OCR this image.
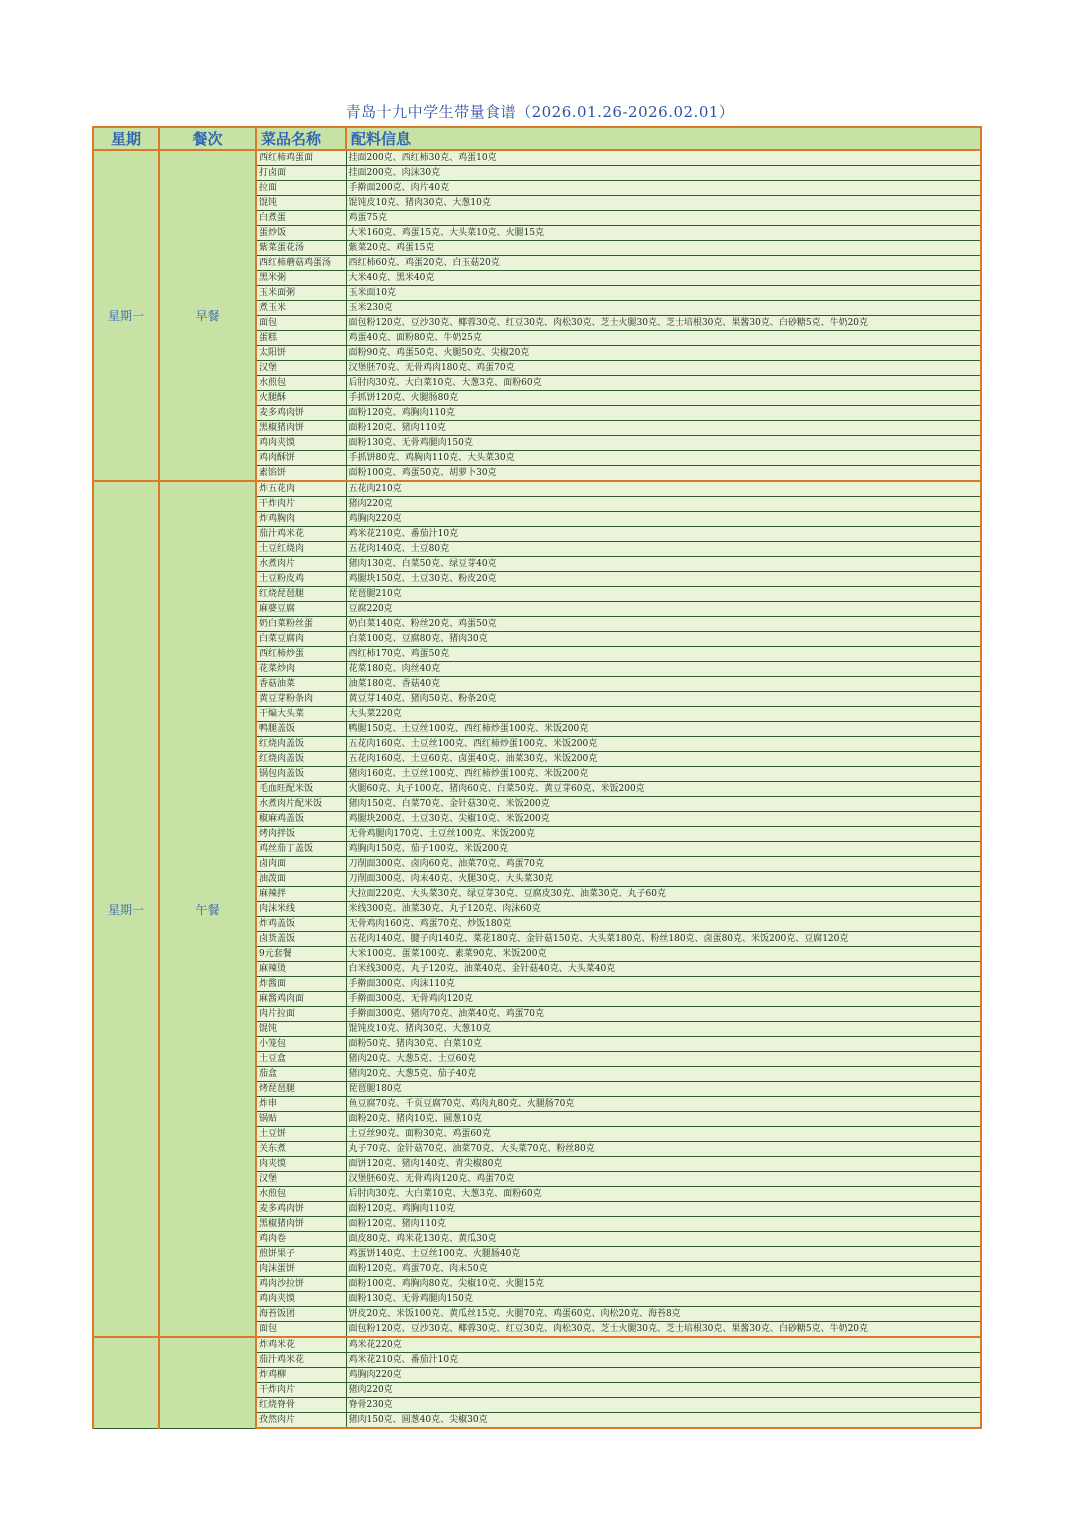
青岛十九中学生带量食谱（2026.01.26-2026.02.01）
星期	餐次	菜品名称	配料信息
星期一	早餐	西红柿鸡蛋面	挂面200克、西红柿30克、鸡蛋10克
		打卤面	挂面200克、肉沫30克
		拉面	手擀面200克、肉片40克
		馄饨	馄饨皮10克、猪肉30克、大葱10克
		白煮蛋	鸡蛋75克
		蛋炒饭	大米160克、鸡蛋15克、大头菜10克、火腿15克
		紫菜蛋花汤	紫菜20克、鸡蛋15克
		西红柿蘑菇鸡蛋汤	西红柿60克、鸡蛋20克、白玉菇20克
		黑米粥	大米40克、黑米40克
		玉米面粥	玉米面10克
		煮玉米	玉米230克
		面包	面包粉120克、豆沙30克、椰蓉30克、红豆30克、肉松30克、芝士火腿30克、芝士培根30克、果酱30克、白砂糖5克、牛奶20克
		蛋糕	鸡蛋40克、面粉80克、牛奶25克
		太阳饼	面粉90克、鸡蛋50克、火腿50克、尖椒20克
		汉堡	汉堡胚70克、无骨鸡肉180克、鸡蛋70克
		水煎包	后肘肉30克、大白菜10克、大葱3克、面粉60克
		火腿酥	手抓饼120克、火腿肠80克
		麦多鸡肉饼	面粉120克、鸡胸肉110克
		黑椒猪肉饼	面粉120克、猪肉110克
		鸡肉夹馍	面粉130克、无骨鸡腿肉150克
		鸡肉酥饼	手抓饼80克、鸡胸肉110克、大头菜30克
		素馅饼	面粉100克、鸡蛋50克、胡萝卜30克
星期一	午餐	炸五花肉	五花肉210克
		干炸肉片	猪肉220克
		炸鸡胸肉	鸡胸肉220克
		茄汁鸡米花	鸡米花210克、番茄汁10克
		土豆红烧肉	五花肉140克、土豆80克
		水煮肉片	猪肉130克、白菜50克、绿豆芽40克
		土豆粉皮鸡	鸡腿块150克、土豆30克、粉皮20克
		红烧琵琶腿	琵琶腿210克
		麻婆豆腐	豆腐220克
		奶白菜粉丝蛋	奶白菜140克、粉丝20克、鸡蛋50克
		白菜豆腐肉	白菜100克、豆腐80克、猪肉30克
		西红柿炒蛋	西红柿170克、鸡蛋50克
		花菜炒肉	花菜180克、肉丝40克
		香菇油菜	油菜180克、香菇40克
		黄豆芽粉条肉	黄豆芽140克、猪肉50克、粉条20克
		干煸大头菜	大头菜220克
		鸭腿盖饭	鸭腿150克、土豆丝100克、西红柿炒蛋100克、米饭200克
		红烧肉盖饭	五花肉160克、土豆丝100克、西红柿炒蛋100克、米饭200克
		红烧肉盖饭	五花肉160克、土豆60克、卤蛋40克、油菜30克、米饭200克
		锅包肉盖饭	猪肉160克、土豆丝100克、西红柿炒蛋100克、米饭200克
		毛血旺配米饭	火腿60克、丸子100克、猪肉60克、白菜50克、黄豆芽60克、米饭200克
		水煮肉片配米饭	猪肉150克、白菜70克、金针菇30克、米饭200克
		椒麻鸡盖饭	鸡腿块200克、土豆30克、尖椒10克、米饭200克
		烤肉拌饭	无骨鸡腿肉170克、土豆丝100克、米饭200克
		鸡丝茄丁盖饭	鸡胸肉150克、茄子100克、米饭200克
		卤肉面	刀削面300克、卤肉60克、油菜70克、鸡蛋70克
		油泼面	刀削面300克、肉末40克、火腿30克、大头菜30克
		麻辣拌	大拉面220克、大头菜30克、绿豆芽30克、豆腐皮30克、油菜30克、丸子60克
		肉沫米线	米线300克、油菜30克、丸子120克、肉沫60克
		炸鸡盖饭	无骨鸡肉160克、鸡蛋70克、炒饭180克
		卤货盖饭	五花肉140克、腱子肉140克、菜花180克、金针菇150克、大头菜180克、粉丝180克、卤蛋80克、米饭200克、豆腐120克
		9元套餐	大米100克、蛋菜100克、素菜90克、米饭200克
		麻辣烫	白米线300克、丸子120克、油菜40克、金针菇40克、大头菜40克
		炸酱面	手擀面300克、肉沫110克
		麻酱鸡肉面	手擀面300克、无骨鸡肉120克
		肉片拉面	手擀面300克、猪肉70克、油菜40克、鸡蛋70克
		馄饨	馄饨皮10克、猪肉30克、大葱10克
		小笼包	面粉50克、猪肉30克、白菜10克
		土豆盒	猪肉20克、大葱5克、土豆60克
		茄盒	猪肉20克、大葱5克、茄子40克
		烤琵琶腿	琵琶腿180克
		炸串	鱼豆腐70克、千页豆腐70克、鸡肉丸80克、火腿肠70克
		锅贴	面粉20克、猪肉10克、圆葱10克
		土豆饼	土豆丝90克、面粉30克、鸡蛋60克
		关东煮	丸子70克、金针菇70克、油菜70克、大头菜70克、粉丝80克
		肉夹馍	面饼120克、猪肉140克、青尖椒80克
		汉堡	汉堡胚60克、无骨鸡肉120克、鸡蛋70克
		水煎包	后肘肉30克、大白菜10克、大葱3克、面粉60克
		麦多鸡肉饼	面粉120克、鸡胸肉110克
		黑椒猪肉饼	面粉120克、猪肉110克
		鸡肉卷	面皮80克、鸡米花130克、黄瓜30克
		煎饼果子	鸡蛋饼140克、土豆丝100克、火腿肠40克
		肉沫蛋饼	面粉120克、鸡蛋70克、肉末50克
		鸡肉沙拉饼	面粉100克、鸡胸肉80克、尖椒10克、火腿15克
		鸡肉夹馍	面粉130克、无骨鸡腿肉150克
		海苔饭团	饼皮20克、米饭100克、黄瓜丝15克、火腿70克、鸡蛋60克、肉松20克、海苔8克
		面包	面包粉120克、豆沙30克、椰蓉30克、红豆30克、肉松30克、芝士火腿30克、芝士培根30克、果酱30克、白砂糖5克、牛奶20克
		炸鸡米花	鸡米花220克
		茄汁鸡米花	鸡米花210克、番茄汁10克
		炸鸡柳	鸡胸肉220克
		干炸肉片	猪肉220克
		红烧脊骨	脊骨230克
		孜然肉片	猪肉150克、圆葱40克、尖椒30克
